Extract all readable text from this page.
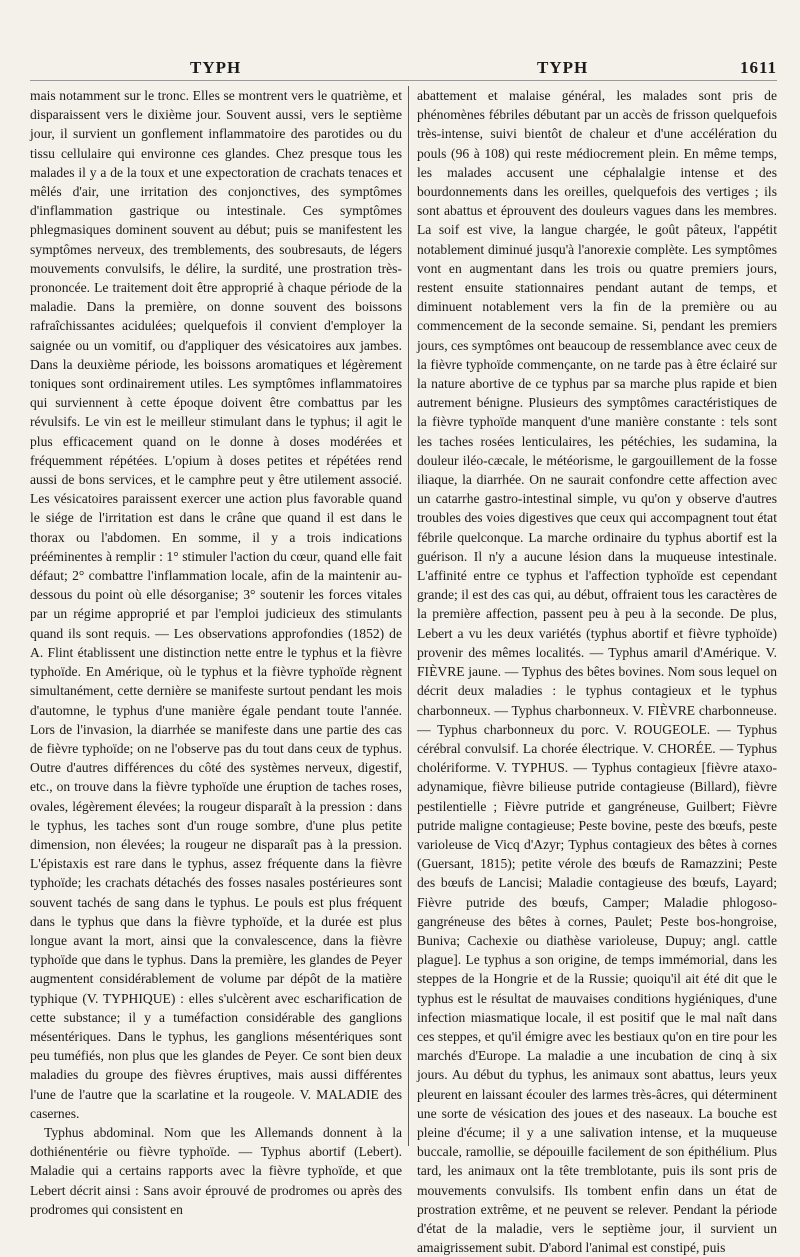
TYPH	TYPH	1611

mais notamment sur le tronc. Elles se montrent vers le quatrième, et disparaissent vers le dixième jour. Souvent aussi, vers le septième jour, il survient un gonflement inflammatoire des parotides ou du tissu cellulaire qui environne ces glandes. Chez presque tous les malades il y a de la toux et une expectoration de crachats tenaces et mêlés d'air, une irritation des conjonctives, des symptômes d'inflammation gastrique ou intestinale. Ces symptômes phlegmasiques dominent souvent au début; puis se manifestent les symptômes nerveux, des tremblements, des soubresauts, de légers mouvements convulsifs, le délire, la surdité, une prostration très-prononcée. Le traitement doit être approprié à chaque période de la maladie. Dans la première, on donne souvent des boissons rafraîchissantes acidulées; quelquefois il convient d'employer la saignée ou un vomitif, ou d'appliquer des vésicatoires aux jambes. Dans la deuxième période, les boissons aromatiques et légèrement toniques sont ordinairement utiles. Les symptômes inflammatoires qui surviennent à cette époque doivent être combattus par les révulsifs. Le vin est le meilleur stimulant dans le typhus; il agit le plus efficacement quand on le donne à doses modérées et fréquemment répétées. L'opium à doses petites et répétées rend aussi de bons services, et le camphre peut y être utilement associé. Les vésicatoires paraissent exercer une action plus favorable quand le siége de l'irritation est dans le crâne que quand il est dans le thorax ou l'abdomen. En somme, il y a trois indications prééminentes à remplir : 1° stimuler l'action du cœur, quand elle fait défaut; 2° combattre l'inflammation locale, afin de la maintenir au-dessous du point où elle désorganise; 3° soutenir les forces vitales par un régime approprié et par l'emploi judicieux des stimulants quand ils sont requis. — Les observations approfondies (1852) de A. Flint établissent une distinction nette entre le typhus et la fièvre typhoïde. En Amérique, où le typhus et la fièvre typhoïde règnent simultanément, cette dernière se manifeste surtout pendant les mois d'automne, le typhus d'une manière égale pendant toute l'année. Lors de l'invasion, la diarrhée se manifeste dans une partie des cas de fièvre typhoïde; on ne l'observe pas du tout dans ceux de typhus. Outre d'autres différences du côté des systèmes nerveux, digestif, etc., on trouve dans la fièvre typhoïde une éruption de taches roses, ovales, légèrement élevées; la rougeur disparaît à la pression : dans le typhus, les taches sont d'un rouge sombre, d'une plus petite dimension, non élevées; la rougeur ne disparaît pas à la pression. L'épistaxis est rare dans le typhus, assez fréquente dans la fièvre typhoïde; les crachats détachés des fosses nasales postérieures sont souvent tachés de sang dans le typhus. Le pouls est plus fréquent dans le typhus que dans la fièvre typhoïde, et la durée est plus longue avant la mort, ainsi que la convalescence, dans la fièvre typhoïde que dans le typhus. Dans la première, les glandes de Peyer augmentent considérablement de volume par dépôt de la matière typhique (V. TYPHIQUE) : elles s'ulcèrent avec escharification de cette substance; il y a tuméfaction considérable des ganglions mésentériques. Dans le typhus, les ganglions mésentériques sont peu tuméfiés, non plus que les glandes de Peyer. Ce sont bien deux maladies du groupe des fièvres éruptives, mais aussi différentes l'une de l'autre que la scarlatine et la rougeole. V. MALADIE des casernes.

Typhus abdominal. Nom que les Allemands donnent à la dothiénentérie ou fièvre typhoïde. — Typhus abortif (Lebert). Maladie qui a certains rapports avec la fièvre typhoïde, et que Lebert décrit ainsi : Sans avoir éprouvé de prodromes ou après des prodromes qui consistent en

abattement et malaise général, les malades sont pris de phénomènes fébriles débutant par un accès de frisson quelquefois très-intense, suivi bientôt de chaleur et d'une accélération du pouls (96 à 108) qui reste médiocrement plein. En même temps, les malades accusent une céphalalgie intense et des bourdonnements dans les oreilles, quelquefois des vertiges ; ils sont abattus et éprouvent des douleurs vagues dans les membres. La soif est vive, la langue chargée, le goût pâteux, l'appétit notablement diminué jusqu'à l'anorexie complète. Les symptômes vont en augmentant dans les trois ou quatre premiers jours, restent ensuite stationnaires pendant autant de temps, et diminuent notablement vers la fin de la première ou au commencement de la seconde semaine. Si, pendant les premiers jours, ces symptômes ont beaucoup de ressemblance avec ceux de la fièvre typhoïde commençante, on ne tarde pas à être éclairé sur la nature abortive de ce typhus par sa marche plus rapide et bien autrement bénigne. Plusieurs des symptômes caractéristiques de la fièvre typhoïde manquent d'une manière constante : tels sont les taches rosées lenticulaires, les pétéchies, les sudamina, la douleur iléo-cæcale, le météorisme, le gargouillement de la fosse iliaque, la diarrhée. On ne saurait confondre cette affection avec un catarrhe gastro-intestinal simple, vu qu'on y observe d'autres troubles des voies digestives que ceux qui accompagnent tout état fébrile quelconque. La marche ordinaire du typhus abortif est la guérison. Il n'y a aucune lésion dans la muqueuse intestinale. L'affinité entre ce typhus et l'affection typhoïde est cependant grande; il est des cas qui, au début, offraient tous les caractères de la première affection, passent peu à peu à la seconde. De plus, Lebert a vu les deux variétés (typhus abortif et fièvre typhoïde) provenir des mêmes localités. — Typhus amaril d'Amérique. V. FIÈVRE jaune. — Typhus des bêtes bovines. Nom sous lequel on décrit deux maladies : le typhus contagieux et le typhus charbonneux. — Typhus charbonneux. V. FIÈVRE charbonneuse. — Typhus charbonneux du porc. V. ROUGEOLE. — Typhus cérébral convulsif. La chorée électrique. V. CHORÉE. — Typhus cholériforme. V. TYPHUS. — Typhus contagieux [fièvre ataxo-adynamique, fièvre bilieuse putride contagieuse (Billard), fièvre pestilentielle ; Fièvre putride et gangréneuse, Guilbert; Fièvre putride maligne contagieuse; Peste bovine, peste des bœufs, peste varioleuse de Vicq d'Azyr; Typhus contagieux des bêtes à cornes (Guersant, 1815); petite vérole des bœufs de Ramazzini; Peste des bœufs de Lancisi; Maladie contagieuse des bœufs, Layard; Fièvre putride des bœufs, Camper; Maladie phlogoso-gangréneuse des bêtes à cornes, Paulet; Peste bos-hongroise, Buniva; Cachexie ou diathèse varioleuse, Dupuy; angl. cattle plague]. Le typhus a son origine, de temps immémorial, dans les steppes de la Hongrie et de la Russie; quoiqu'il ait été dit que le typhus est le résultat de mauvaises conditions hygiéniques, d'une infection miasmatique locale, il est positif que le mal naît dans ces steppes, et qu'il émigre avec les bestiaux qu'on en tire pour les marchés d'Europe. La maladie a une incubation de cinq à six jours. Au début du typhus, les animaux sont abattus, leurs yeux pleurent en laissant écouler des larmes très-âcres, qui déterminent une sorte de vésication des joues et des naseaux. La bouche est pleine d'écume; il y a une salivation intense, et la muqueuse buccale, ramollie, se dépouille facilement de son épithélium. Plus tard, les animaux ont la tête tremblotante, puis ils sont pris de mouvements convulsifs. Ils tombent enfin dans un état de prostration extrême, et ne peuvent se relever. Pendant la période d'état de la maladie, vers le septième jour, il survient un amaigrissement subit. D'abord l'animal est constipé, puis
